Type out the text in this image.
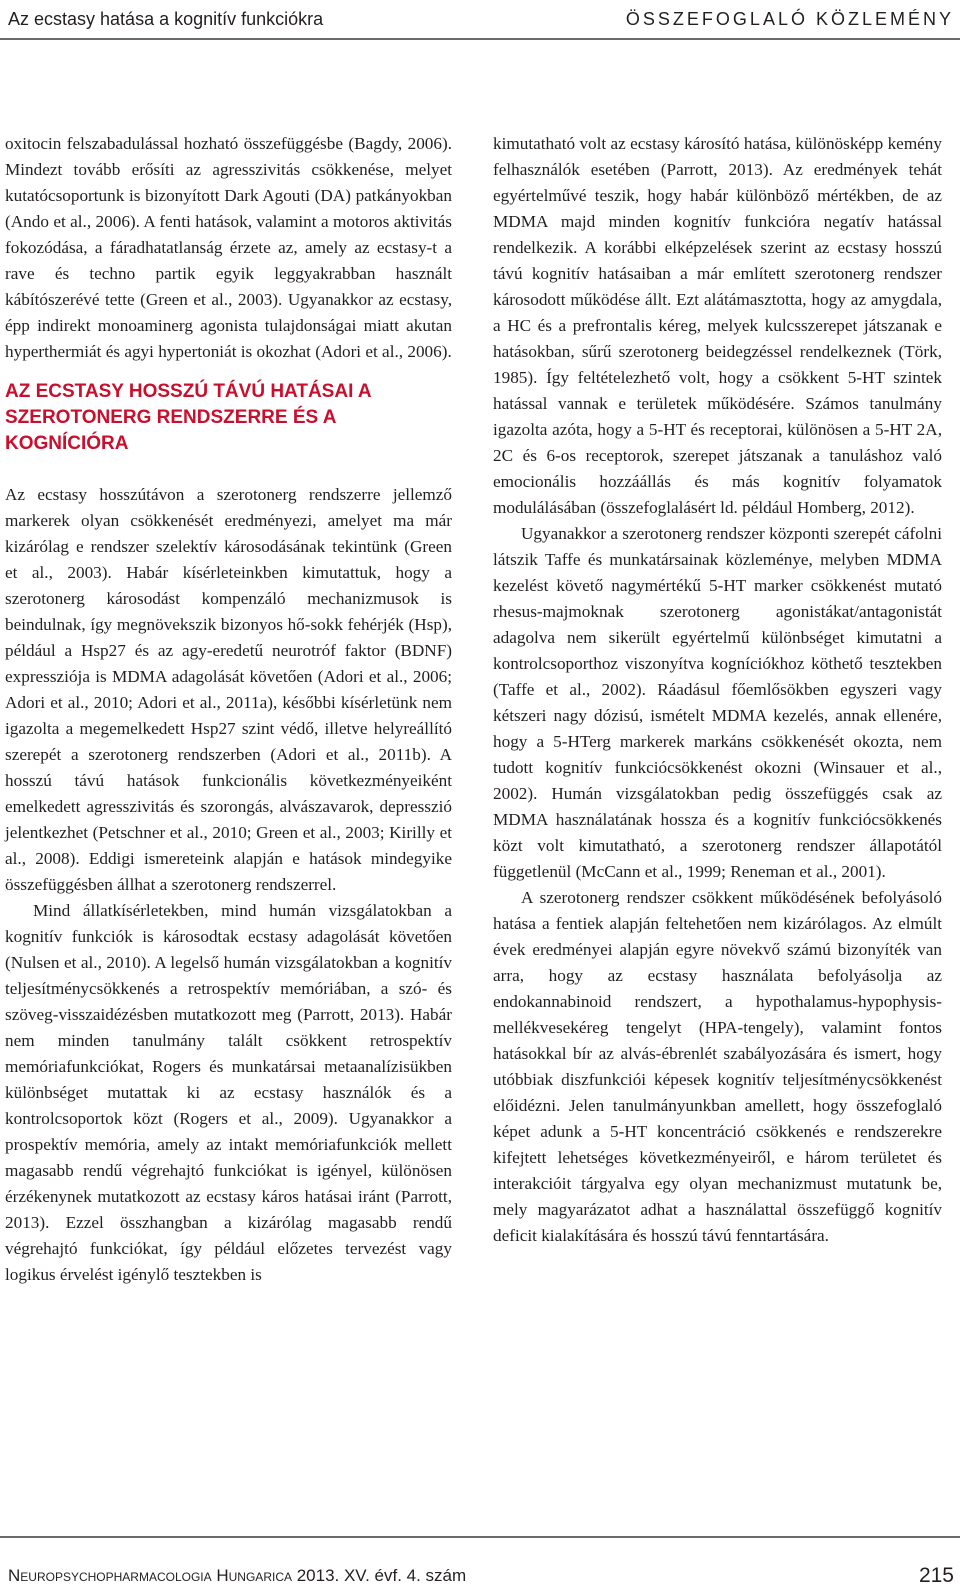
Az ecstasy hatása a kognitív funkciókra	ÖSSZEFOGLALÓ KÖZLEMÉNY

oxitocin felszabadulással hozható összefüggésbe (Bagdy, 2006). Mindezt tovább erősíti az agresszivitás csökkenése, melyet kutatócsoportunk is bizonyított Dark Agouti (DA) patkányokban (Ando et al., 2006). A fenti hatások, valamint a motoros aktivitás fokozódása, a fáradhatatlanság érzete az, amely az ecstasy-t a rave és techno partik egyik leggyakrabban használt kábítószerévé tette (Green et al., 2003). Ugyanakkor az ecstasy, épp indirekt monoaminerg agonista tulajdonságai miatt akutan hyperthermiát és agyi hypertoniát is okozhat (Adori et al., 2006).

AZ ECSTASY HOSSZÚ TÁVÚ HATÁSAI A SZEROTONERG RENDSZERRE ÉS A KOGNÍCIÓRA

Az ecstasy hosszútávon a szerotonerg rendszerre jellemző markerek olyan csökkenését eredményezi, amelyet ma már kizárólag e rendszer szelektív károsodásának tekintünk (Green et al., 2003). Habár kísérleteinkben kimutattuk, hogy a szerotonerg károsodást kompenzáló mechanizmusok is beindulnak, így megnövekszik bizonyos hő-sokk fehérjék (Hsp), például a Hsp27 és az agy-eredetű neurotróf faktor (BDNF) expressziója is MDMA adagolását követően (Adori et al., 2006; Adori et al., 2010; Adori et al., 2011a), későbbi kísérletünk nem igazolta a megemelkedett Hsp27 szint védő, illetve helyreállító szerepét a szerotonerg rendszerben (Adori et al., 2011b). A hosszú távú hatások funkcionális következményeiként emelkedett agresszivitás és szorongás, alvászavarok, depresszió jelentkezhet (Petschner et al., 2010; Green et al., 2003; Kirilly et al., 2008). Eddigi ismereteink alapján e hatások mindegyike összefüggésben állhat a szerotonerg rendszerrel.

Mind állatkísérletekben, mind humán vizsgálatokban a kognitív funkciók is károsodtak ecstasy adagolását követően (Nulsen et al., 2010). A legelső humán vizsgálatokban a kognitív teljesítménycsökkenés a retrospektív memóriában, a szó- és szöveg-visszaidézésben mutatkozott meg (Parrott, 2013). Habár nem minden tanulmány talált csökkent retrospektív memóriafunkciókat, Rogers és munkatársai metaanalízisükben különbséget mutattak ki az ecstasy használók és a kontrolcsoportok közt (Rogers et al., 2009). Ugyanakkor a prospektív memória, amely az intakt memóriafunkciók mellett magasabb rendű végrehajtó funkciókat is igényel, különösen érzékenynek mutatkozott az ecstasy káros hatásai iránt (Parrott, 2013). Ezzel összhangban a kizárólag magasabb rendű végrehajtó funkciókat, így például előzetes tervezést vagy logikus érvelést igénylő tesztekben is

kimutatható volt az ecstasy károsító hatása, különösképp kemény felhasználók esetében (Parrott, 2013). Az eredmények tehát egyértelművé teszik, hogy habár különböző mértékben, de az MDMA majd minden kognitív funkcióra negatív hatással rendelkezik. A korábbi elképzelések szerint az ecstasy hosszú távú kognitív hatásaiban a már említett szerotonerg rendszer károsodott működése állt. Ezt alátámasztotta, hogy az amygdala, a HC és a prefrontalis kéreg, melyek kulcsszerepet játszanak e hatásokban, sűrű szerotonerg beidegzéssel rendelkeznek (Törk, 1985). Így feltételezhető volt, hogy a csökkent 5-HT szintek hatással vannak e területek működésére. Számos tanulmány igazolta azóta, hogy a 5-HT és receptorai, különösen a 5-HT 2A, 2C és 6-os receptorok, szerepet játszanak a tanuláshoz való emocionális hozzáállás és más kognitív folyamatok modulálásában (összefoglalásért ld. például Homberg, 2012).

Ugyanakkor a szerotonerg rendszer központi szerepét cáfolni látszik Taffe és munkatársainak közleménye, melyben MDMA kezelést követő nagymértékű 5-HT marker csökkenést mutató rhesus-majmoknak szerotonerg agonistákat/antagonistát adagolva nem sikerült egyértelmű különbséget kimutatni a kontrolcsoporthoz viszonyítva kogníciókhoz köthető tesztekben (Taffe et al., 2002). Ráadásul főemlősökben egyszeri vagy kétszeri nagy dózisú, ismételt MDMA kezelés, annak ellenére, hogy a 5-HTerg markerek markáns csökkenését okozta, nem tudott kognitív funkciócsökkenést okozni (Winsauer et al., 2002). Humán vizsgálatokban pedig összefüggés csak az MDMA használatának hossza és a kognitív funkciócsökkenés közt volt kimutatható, a szerotonerg rendszer állapotától függetlenül (McCann et al., 1999; Reneman et al., 2001).

A szerotonerg rendszer csökkent működésének befolyásoló hatása a fentiek alapján feltehetően nem kizárólagos. Az elmúlt évek eredményei alapján egyre növekvő számú bizonyíték van arra, hogy az ecstasy használata befolyásolja az endokannabinoid rendszert, a hypothalamus-hypophysis-mellékvesekéreg tengelyt (HPA-tengely), valamint fontos hatásokkal bír az alvás-ébrenlét szabályozására és ismert, hogy utóbbiak diszfunkciói képesek kognitív teljesítménycsökkenést előidézni. Jelen tanulmányunkban amellett, hogy összefoglaló képet adunk a 5-HT koncentráció csökkenés e rendszerekre kifejtett lehetséges következményeiről, e három területet és interakcióit tárgyalva egy olyan mechanizmust mutatunk be, mely magyarázatot adhat a használattal összefüggő kognitív deficit kialakítására és hosszú távú fenntartására.

Neuropsychopharmacologia Hungarica 2013. XV. évf. 4. szám	215
